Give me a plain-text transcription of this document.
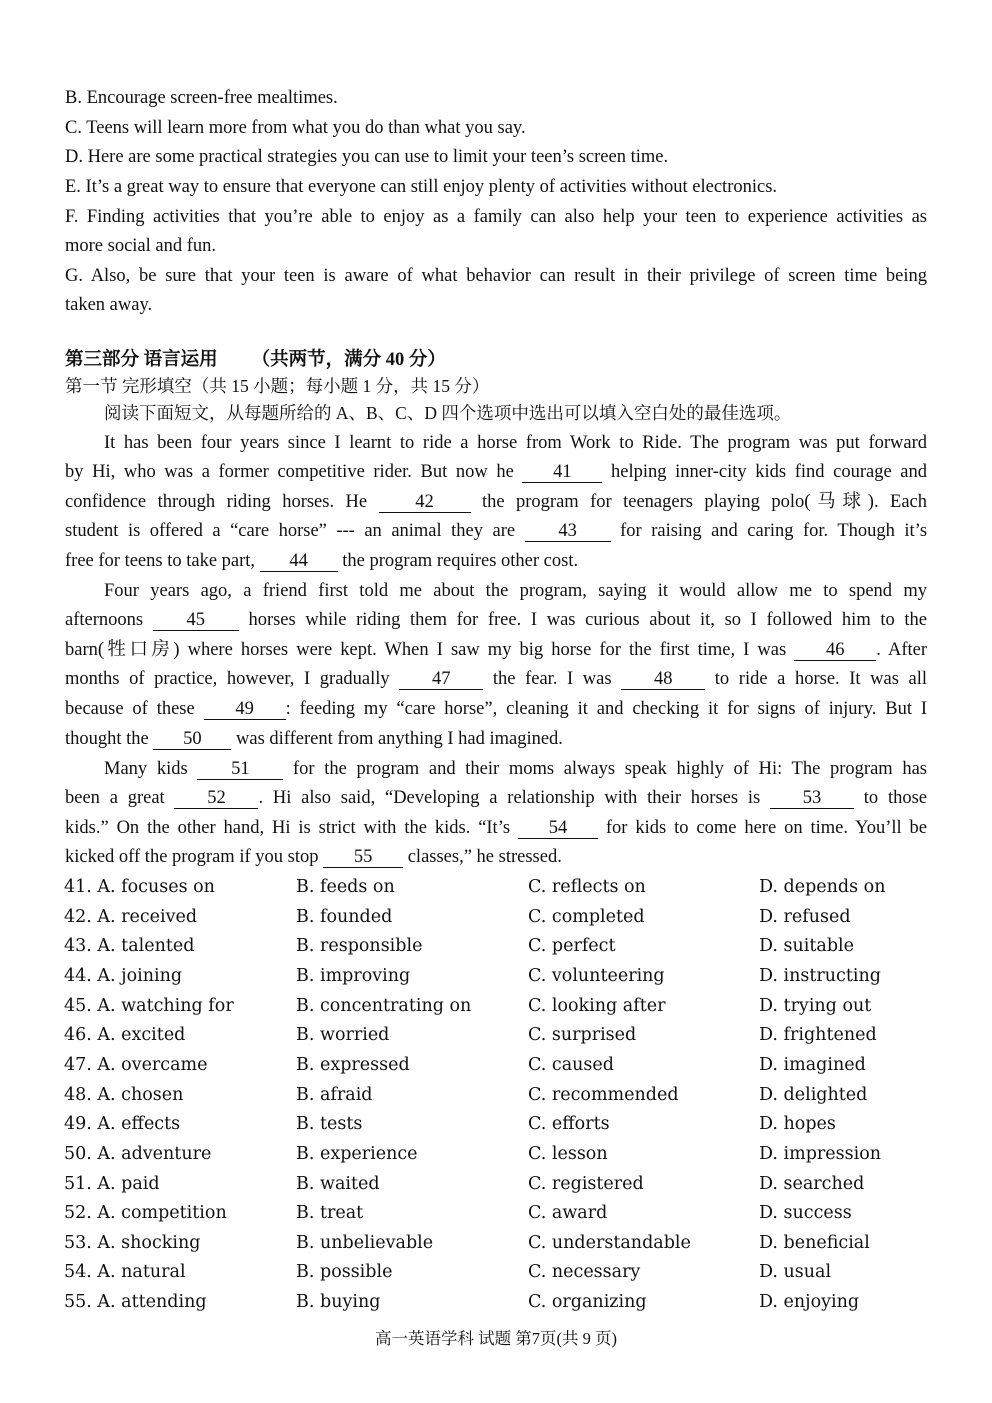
B. Encourage screen-free mealtimes.
C. Teens will learn more from what you do than what you say.
D. Here are some practical strategies you can use to limit your teen’s screen time.
E. It’s a great way to ensure that everyone can still enjoy plenty of activities without electronics.
F. Finding activities that you’re able to enjoy as a family can also help your teen to experience activities as
more social and fun.
G. Also, be sure that your teen is aware of what behavior can result in their privilege of screen time being
taken away.
第三部分 语言运用 （共两节，满分 40 分）
第一节 完形填空（共 15 小题；每小题 1 分，共 15 分）
阅读下面短文，从每题所给的 A、B、C、D 四个选项中选出可以填入空白处的最佳选项。
It has been four years since I learnt to ride a horse from Work to Ride. The program was put forward
by Hi, who was a former competitive rider. But now he 41 helping inner-city kids find courage and
confidence through riding horses. He	42	the program for teenagers playing polo(马球). Each
student is offered a “care horse” --- an animal they are 43 for raising and caring for. Though it’s
free for teens to take part, 44 the program requires other cost.
Four years ago, a friend first told me about the program, saying it would allow me to spend my
afternoons 45 horses while riding them for free. I was curious about it, so I followed him to the
barn(牲口房) where horses were kept. When I saw my big horse for the first time, I was 46 . After
months of practice, however, I gradually 47 the fear. I was 48 to ride a horse. It was all
because of these 49 : feeding my “care horse”, cleaning it and checking it for signs of injury. But I
thought the 50 was different from anything I had imagined.
Many kids 51 for the program and their moms always speak highly of Hi: The program has
been a great 52 . Hi also said, “Developing a relationship with their horses is 53 to those
kids.” On the other hand, Hi is strict with the kids. “It’s 54 for kids to come here on time. You’ll be
kicked off the program if you stop 55 classes,” he stressed.
41. A. focuses on	B. feeds on	C. reflects on	D. depends on
42. A. received	B. founded	C. completed	D. refused
43. A. talented	B. responsible	C. perfect	D. suitable
44. A. joining	B. improving	C. volunteering	D. instructing
45. A. watching for	B. concentrating on	C. looking after	D. trying out
46. A. excited	B. worried	C. surprised	D. frightened
47. A. overcame	B. expressed	C. caused	D. imagined
48. A. chosen	B. afraid	C. recommended	D. delighted
49. A. effects	B. tests	C. efforts	D. hopes
50. A. adventure	B. experience	C. lesson	D. impression
51. A. paid	B. waited	C. registered	D. searched
52. A. competition	B. treat	C. award	D. success
53. A. shocking	B. unbelievable	C. understandable	D. beneficial
54. A. natural	B. possible	C. necessary	D. usual
55. A. attending	B. buying	C. organizing	D. enjoying
高一英语学科 试题 第7页(共 9 页)
